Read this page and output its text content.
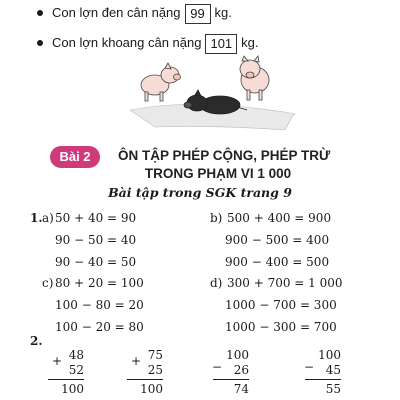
Con lợn đen cân nặng 99 kg.
Con lợn khoang cân nặng 101 kg.
Bài 2	ÔN TẬP PHÉP CỘNG, PHÉP TRỪ
TRONG PHẠM VI 1 000
Bài tập trong SGK trang 9
1. a) 50 + 40 = 90
90 − 50 = 40
90 − 40 = 50
b) 500 + 400 = 900
900 − 500 = 400
900 − 400 = 500
c) 80 + 20 = 100
100 − 80 = 20
100 − 20 = 80
d) 300 + 700 = 1 000
1000 − 700 = 300
1000 − 300 = 700
2.
+ 48
52
100
+ 75
25
100
−
100
26
74
−
100
45
55
